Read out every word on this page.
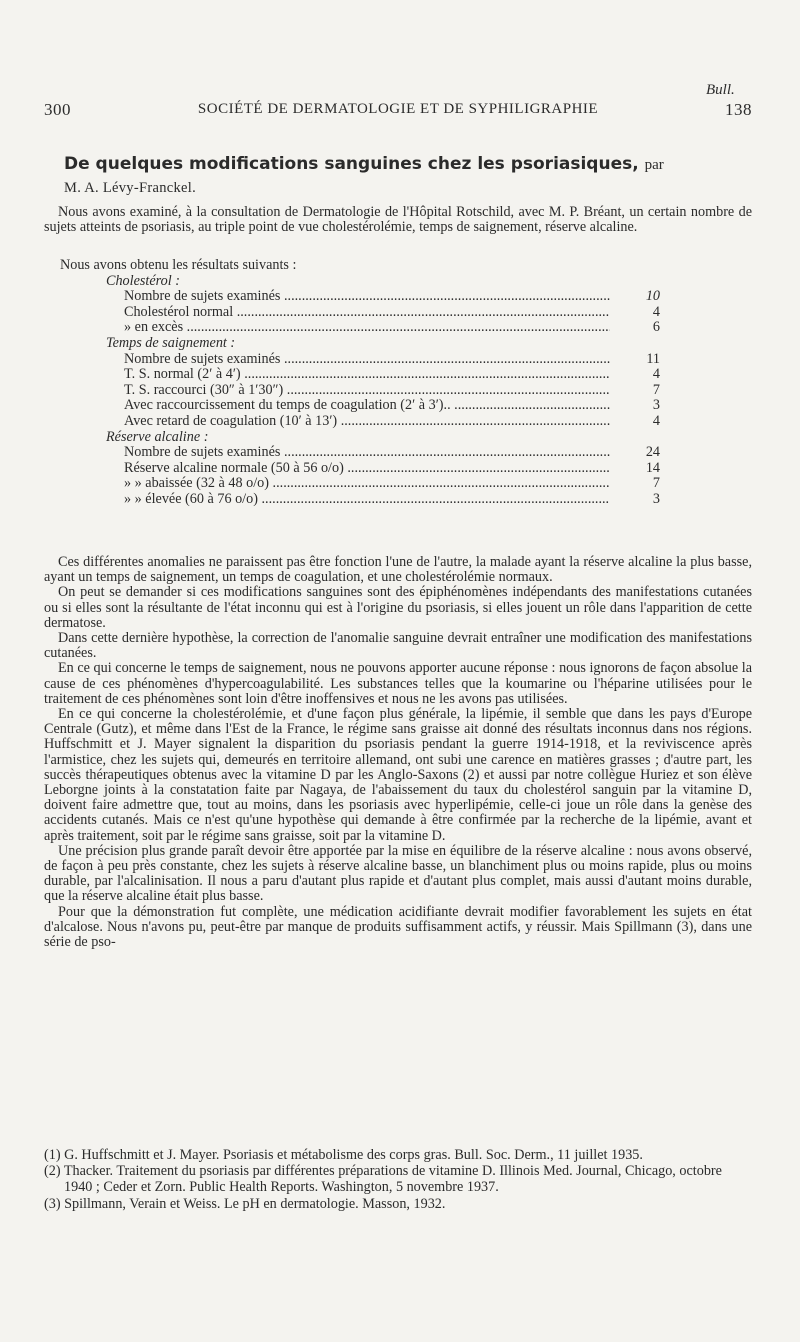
Bull.
300	SOCIÉTÉ DE DERMATOLOGIE ET DE SYPHILIGRAPHIE	138
De quelques modifications sanguines chez les psoriasiques, par
M. A. Lévy-Franckel.

Nous avons examiné, à la consultation de Dermatologie de l'Hôpital Rotschild, avec M. P. Bréant, un certain nombre de sujets atteints de psoriasis, au triple point de vue cholestérolémie, temps de saignement, réserve alcaline.

Nous avons obtenu les résultats suivants :
Cholestérol :
Nombre de sujets examinés .....	10
Cholestérol normal .....	4
» en excès .....	6
Temps de saignement :
Nombre de sujets examinés .....	11
T. S. normal (2′ à 4′) .....	4
T. S. raccourci (30″ à 1′30″) .....	7
Avec raccourcissement du temps de coagulation (2′ à 3′).. .....	3
Avec retard de coagulation (10′ à 13′) .....	4
Réserve alcaline :
Nombre de sujets examinés .....	24
Réserve alcaline normale (50 à 56 o/o) .....	14
» » abaissée (32 à 48 o/o) .....	7
» » élevée (60 à 76 o/o) .....	3

Ces différentes anomalies ne paraissent pas être fonction l'une de l'autre, la malade ayant la réserve alcaline la plus basse, ayant un temps de saignement, un temps de coagulation, et une cholestérolémie normaux.

On peut se demander si ces modifications sanguines sont des épiphénomènes indépendants des manifestations cutanées ou si elles sont la résultante de l'état inconnu qui est à l'origine du psoriasis, si elles jouent un rôle dans l'apparition de cette dermatose.

Dans cette dernière hypothèse, la correction de l'anomalie sanguine devrait entraîner une modification des manifestations cutanées.

En ce qui concerne le temps de saignement, nous ne pouvons apporter aucune réponse : nous ignorons de façon absolue la cause de ces phénomènes d'hypercoagulabilité. Les substances telles que la koumarine ou l'héparine utilisées pour le traitement de ces phénomènes sont loin d'être inoffensives et nous ne les avons pas utilisées.

En ce qui concerne la cholestérolémie, et d'une façon plus générale, la lipémie, il semble que dans les pays d'Europe Centrale (Gutz), et même dans l'Est de la France, le régime sans graisse ait donné des résultats inconnus dans nos régions. Huffschmitt et J. Mayer signalent la disparition du psoriasis pendant la guerre 1914-1918, et la reviviscence après l'armistice, chez les sujets qui, demeurés en territoire allemand, ont subi une carence en matières grasses ; d'autre part, les succès thérapeutiques obtenus avec la vitamine D par les Anglo-Saxons (2) et aussi par notre collègue Huriez et son élève Leborgne joints à la constatation faite par Nagaya, de l'abaissement du taux du cholestérol sanguin par la vitamine D, doivent faire admettre que, tout au moins, dans les psoriasis avec hyperlipémie, celle-ci joue un rôle dans la genèse des accidents cutanés. Mais ce n'est qu'une hypothèse qui demande à être confirmée par la recherche de la lipémie, avant et après traitement, soit par le régime sans graisse, soit par la vitamine D.

Une précision plus grande paraît devoir être apportée par la mise en équilibre de la réserve alcaline : nous avons observé, de façon à peu près constante, chez les sujets à réserve alcaline basse, un blanchiment plus ou moins rapide, plus ou moins durable, par l'alcalinisation. Il nous a paru d'autant plus rapide et d'autant plus complet, mais aussi d'autant moins durable, que la réserve alcaline était plus basse.

Pour que la démonstration fut complète, une médication acidifiante devrait modifier favorablement les sujets en état d'alcalose. Nous n'avons pu, peut-être par manque de produits suffisamment actifs, y réussir. Mais Spillmann (3), dans une série de pso-

(1) G. Huffschmitt et J. Mayer. Psoriasis et métabolisme des corps gras. Bull. Soc. Derm., 11 juillet 1935.

(2) Thacker. Traitement du psoriasis par différentes préparations de vitamine D. Illinois Med. Journal, Chicago, octobre 1940 ; Ceder et Zorn. Public Health Reports. Washington, 5 novembre 1937.

(3) Spillmann, Verain et Weiss. Le pH en dermatologie. Masson, 1932.
